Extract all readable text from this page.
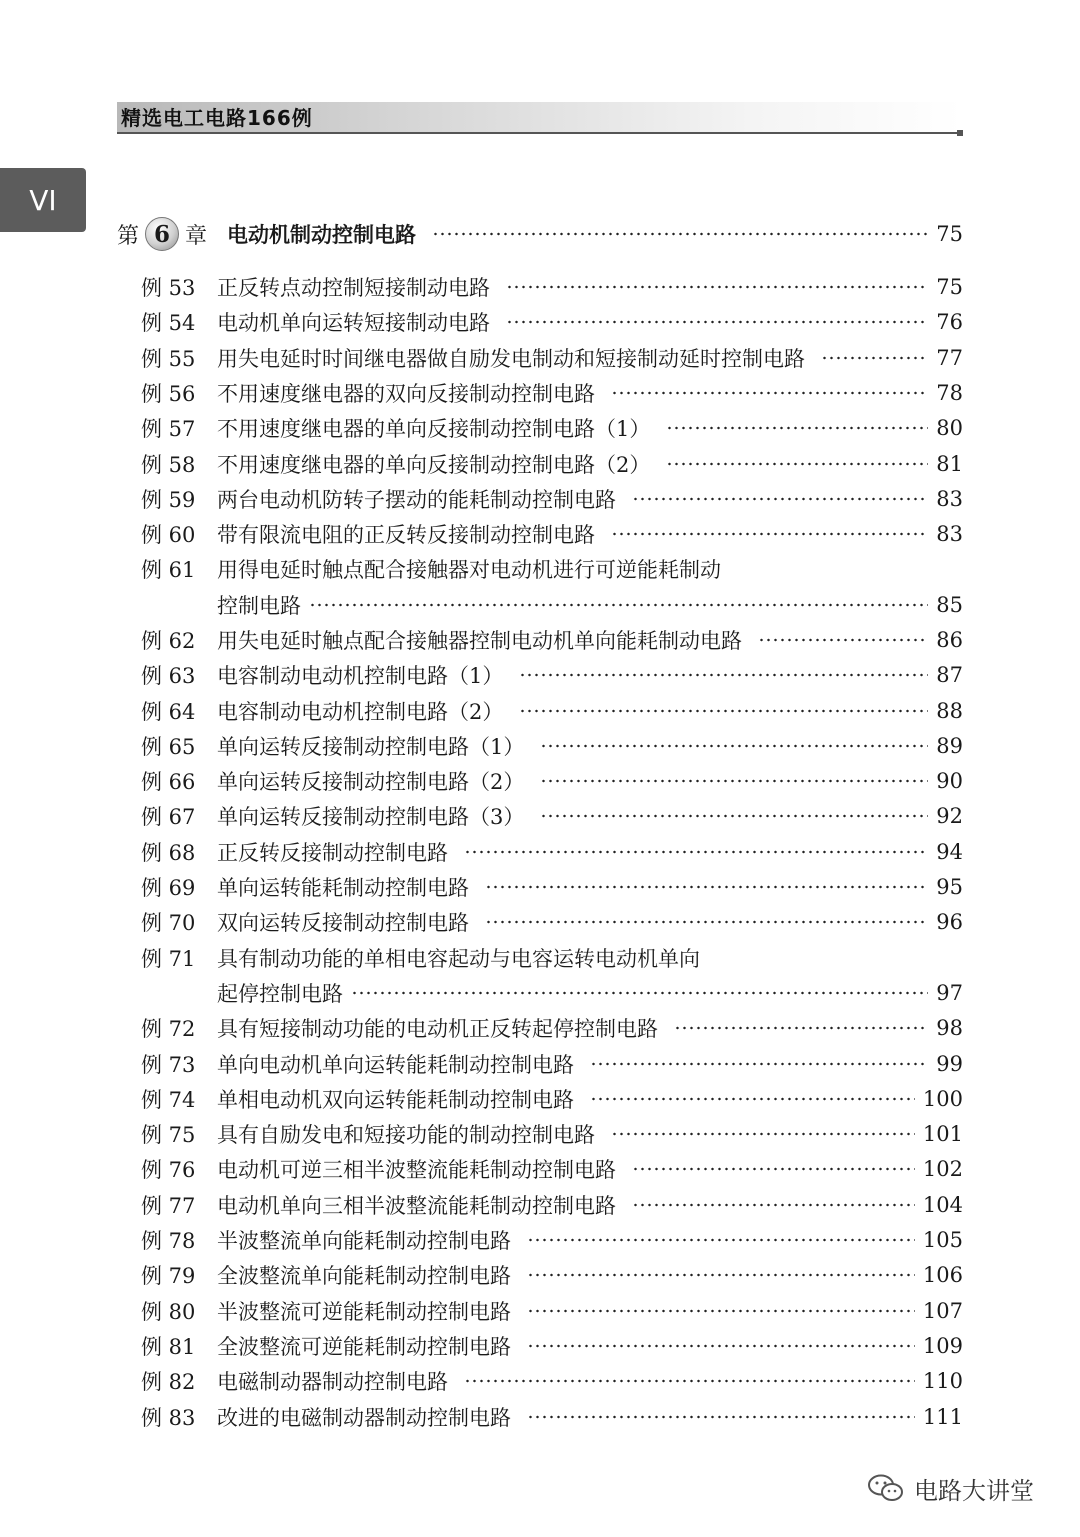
精选电工电路166例
VI
第 6 章 电动机制动控制电路	75
例 53	正反转点动控制短接制动电路	75
例 54	电动机单向运转短接制动电路	76
例 55	用失电延时时间继电器做自励发电制动和短接制动延时控制电路	77
例 56	不用速度继电器的双向反接制动控制电路	78
例 57	不用速度继电器的单向反接制动控制电路（1）	80
例 58	不用速度继电器的单向反接制动控制电路（2）	81
例 59	两台电动机防转子摆动的能耗制动控制电路	83
例 60	带有限流电阻的正反转反接制动控制电路	83
例 61	用得电延时触点配合接触器对电动机进行可逆能耗制动
控制电路	85
例 62	用失电延时触点配合接触器控制电动机单向能耗制动电路	86
例 63	电容制动电动机控制电路（1）	87
例 64	电容制动电动机控制电路（2）	88
例 65	单向运转反接制动控制电路（1）	89
例 66	单向运转反接制动控制电路（2）	90
例 67	单向运转反接制动控制电路（3）	92
例 68	正反转反接制动控制电路	94
例 69	单向运转能耗制动控制电路	95
例 70	双向运转反接制动控制电路	96
例 71	具有制动功能的单相电容起动与电容运转电动机单向
起停控制电路	97
例 72	具有短接制动功能的电动机正反转起停控制电路	98
例 73	单向电动机单向运转能耗制动控制电路	99
例 74	单相电动机双向运转能耗制动控制电路	100
例 75	具有自励发电和短接功能的制动控制电路	101
例 76	电动机可逆三相半波整流能耗制动控制电路	102
例 77	电动机单向三相半波整流能耗制动控制电路	104
例 78	半波整流单向能耗制动控制电路	105
例 79	全波整流单向能耗制动控制电路	106
例 80	半波整流可逆能耗制动控制电路	107
例 81	全波整流可逆能耗制动控制电路	109
例 82	电磁制动器制动控制电路	110
例 83	改进的电磁制动器制动控制电路	111
电路大讲堂
